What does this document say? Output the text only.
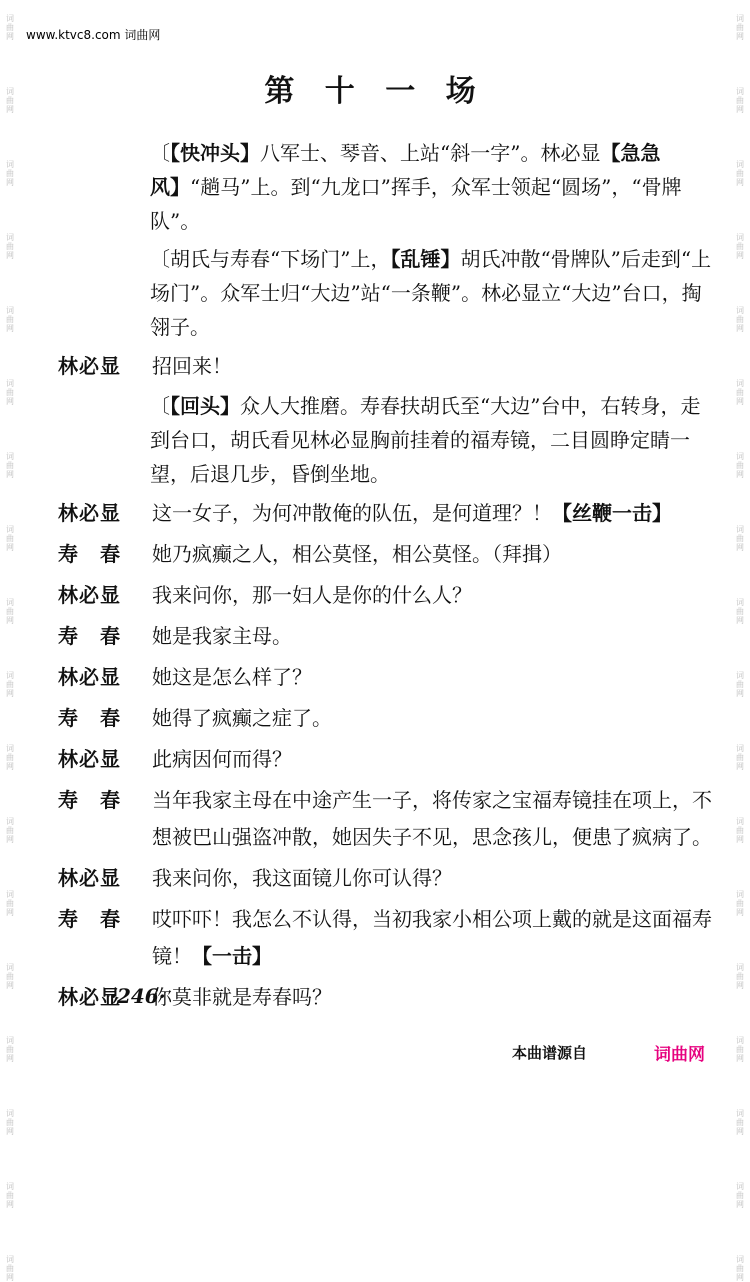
词
曲
网
词
曲
网
词
曲
网
词
曲
网
词
曲
网
词
曲
网
词
曲
网
词
曲
网
词
曲
网
词
曲
网
词
曲
网
词
曲
网
词
曲
网
词
曲
网
词
曲
网
词
曲
网
词
曲
网
词
曲
网
词
曲
网
词
曲
网
词
曲
网
词
曲
网
词
曲
网
词
曲
网
词
曲
网
词
曲
网
词
曲
网
词
曲
网
词
曲
网
词
曲
网
词
曲
网
词
曲
网
词
曲
网
词
曲
网
词
曲
网
词
曲
网
www.ktvc8.com 词曲网
第 十 一 场
〔【快冲头】八军士、琴音、上站“斜一字”。林必显【急急风】“趟马”上。到“九龙口”挥手，众军士领起“圆场”，“骨牌队”。
〔胡氏与寿春“下场门”上，【乱锤】胡氏冲散“骨牌队”后走到“上场门”。众军士归“大边”站“一条鞭”。林必显立“大边”台口，掏翎子。
林必显	招回来！
〔【回头】众人大推磨。寿春扶胡氏至“大边”台中，右转身，走到台口，胡氏看见林必显胸前挂着的福寿镜，二目圆睁定睛一望，后退几步，昏倒坐地。
林必显	这一女子，为何冲散俺的队伍，是何道理？！【丝鞭一击】
寿　春	她乃疯癫之人，相公莫怪，相公莫怪。（拜揖）
林必显	我来问你，那一妇人是你的什么人？
寿　春	她是我家主母。
林必显	她这是怎么样了？
寿　春	她得了疯癫之症了。
林必显	此病因何而得？
寿　春	当年我家主母在中途产生一子，将传家之宝福寿镜挂在项上，不想被巴山强盗冲散，她因失子不见，思念孩儿，便患了疯病了。
林必显	我来问你，我这面镜儿你可认得？
寿　春	哎吓吓！我怎么不认得，当初我家小相公项上戴的就是这面福寿镜！【一击】
林必显	你莫非就是寿春吗？
·246·
本曲谱源自	词曲网
